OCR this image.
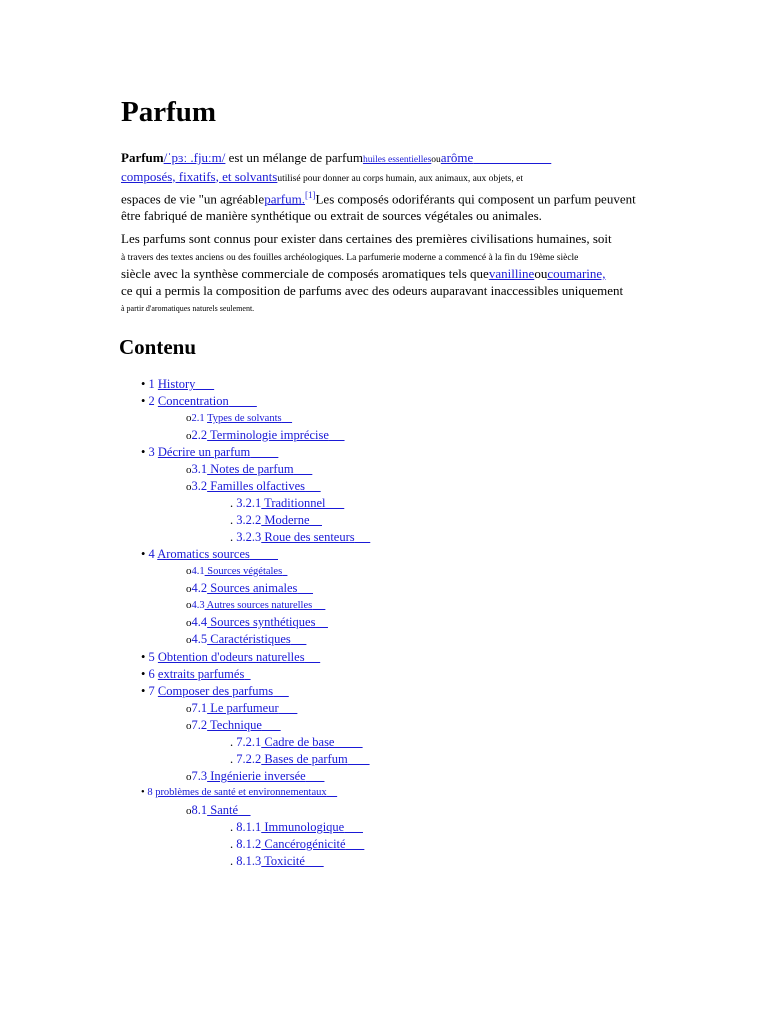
Parfum

Parfum/ˈpɜː .fjuːm/ est un mélange de parfumhuiles essentiellesouarôme
composés, fixatifs, et solvantsutilisé pour donner au corps humain, aux animaux, aux objets, et
espaces de vie "un agréableparfum.[1]Les composés odoriférants qui composent un parfum peuvent
être fabriqué de manière synthétique ou extrait de sources végétales ou animales.

Les parfums sont connus pour exister dans certaines des premières civilisations humaines, soit
à travers des textes anciens ou des fouilles archéologiques. La parfumerie moderne a commencé à la fin du 19ème siècle
siècle avec la synthèse commerciale de composés aromatiques tels quevanillineoucoumarine,
ce qui a permis la composition de parfums avec des odeurs auparavant inaccessibles uniquement
à partir d'aromatiques naturels seulement.

Contenu
• 1 History
• 2 Concentration
o2.1 Types de solvants
o2.2 Terminologie imprécise
• 3 Décrire un parfum
o3.1 Notes de parfum
o3.2 Familles olfactives
. 3.2.1 Traditionnel
. 3.2.2 Moderne
. 3.2.3 Roue des senteurs
• 4 Aromatics sources
o4.1 Sources végétales
o4.2 Sources animales
o4.3 Autres sources naturelles
o4.4 Sources synthétiques
o4.5 Caractéristiques
• 5 Obtention d'odeurs naturelles
• 6 extraits parfumés
• 7 Composer des parfums
o7.1 Le parfumeur
o7.2 Technique
. 7.2.1 Cadre de base
. 7.2.2 Bases de parfum
o7.3 Ingénierie inversée
• 8 problèmes de santé et environnementaux
o8.1 Santé
. 8.1.1 Immunologique
. 8.1.2 Cancérogénicité
. 8.1.3 Toxicité
